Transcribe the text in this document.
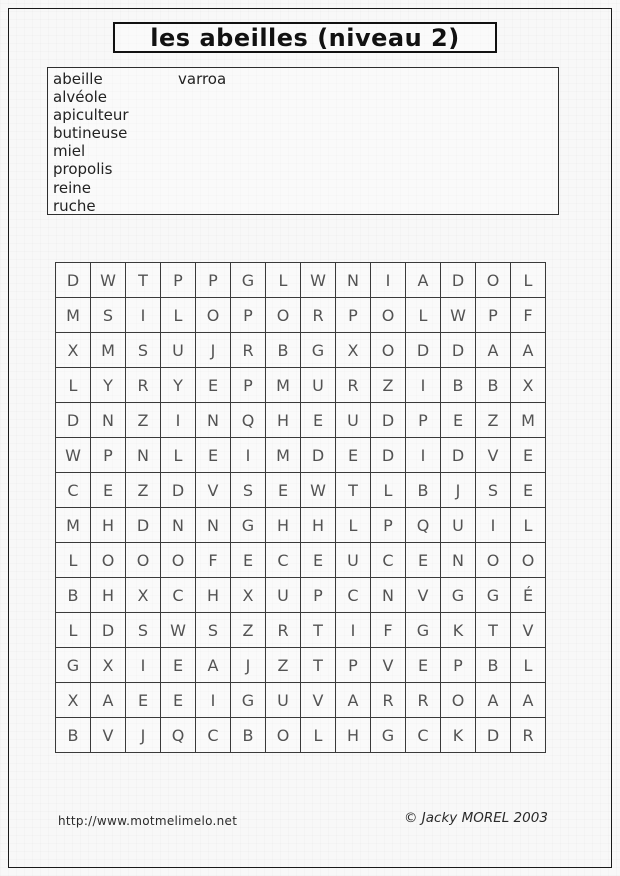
les abeilles (niveau 2)
abeille
alvéole
apiculteur
butineuse
miel
propolis
reine
ruche
varroa
D	W	T	P	P	G	L	W	N	I	A	D	O	L
M	S	I	L	O	P	O	R	P	O	L	W	P	F
X	M	S	U	J	R	B	G	X	O	D	D	A	A
L	Y	R	Y	E	P	M	U	R	Z	I	B	B	X
D	N	Z	I	N	Q	H	E	U	D	P	E	Z	M
W	P	N	L	E	I	M	D	E	D	I	D	V	E
C	E	Z	D	V	S	E	W	T	L	B	J	S	E
M	H	D	N	N	G	H	H	L	P	Q	U	I	L
L	O	O	O	F	E	C	E	U	C	E	N	O	O
B	H	X	C	H	X	U	P	C	N	V	G	G	É
L	D	S	W	S	Z	R	T	I	F	G	K	T	V
G	X	I	E	A	J	Z	T	P	V	E	P	B	L
X	A	E	E	I	G	U	V	A	R	R	O	A	A
B	V	J	Q	C	B	O	L	H	G	C	K	D	R
http://www.motmelimelo.net	© Jacky MOREL 2003
